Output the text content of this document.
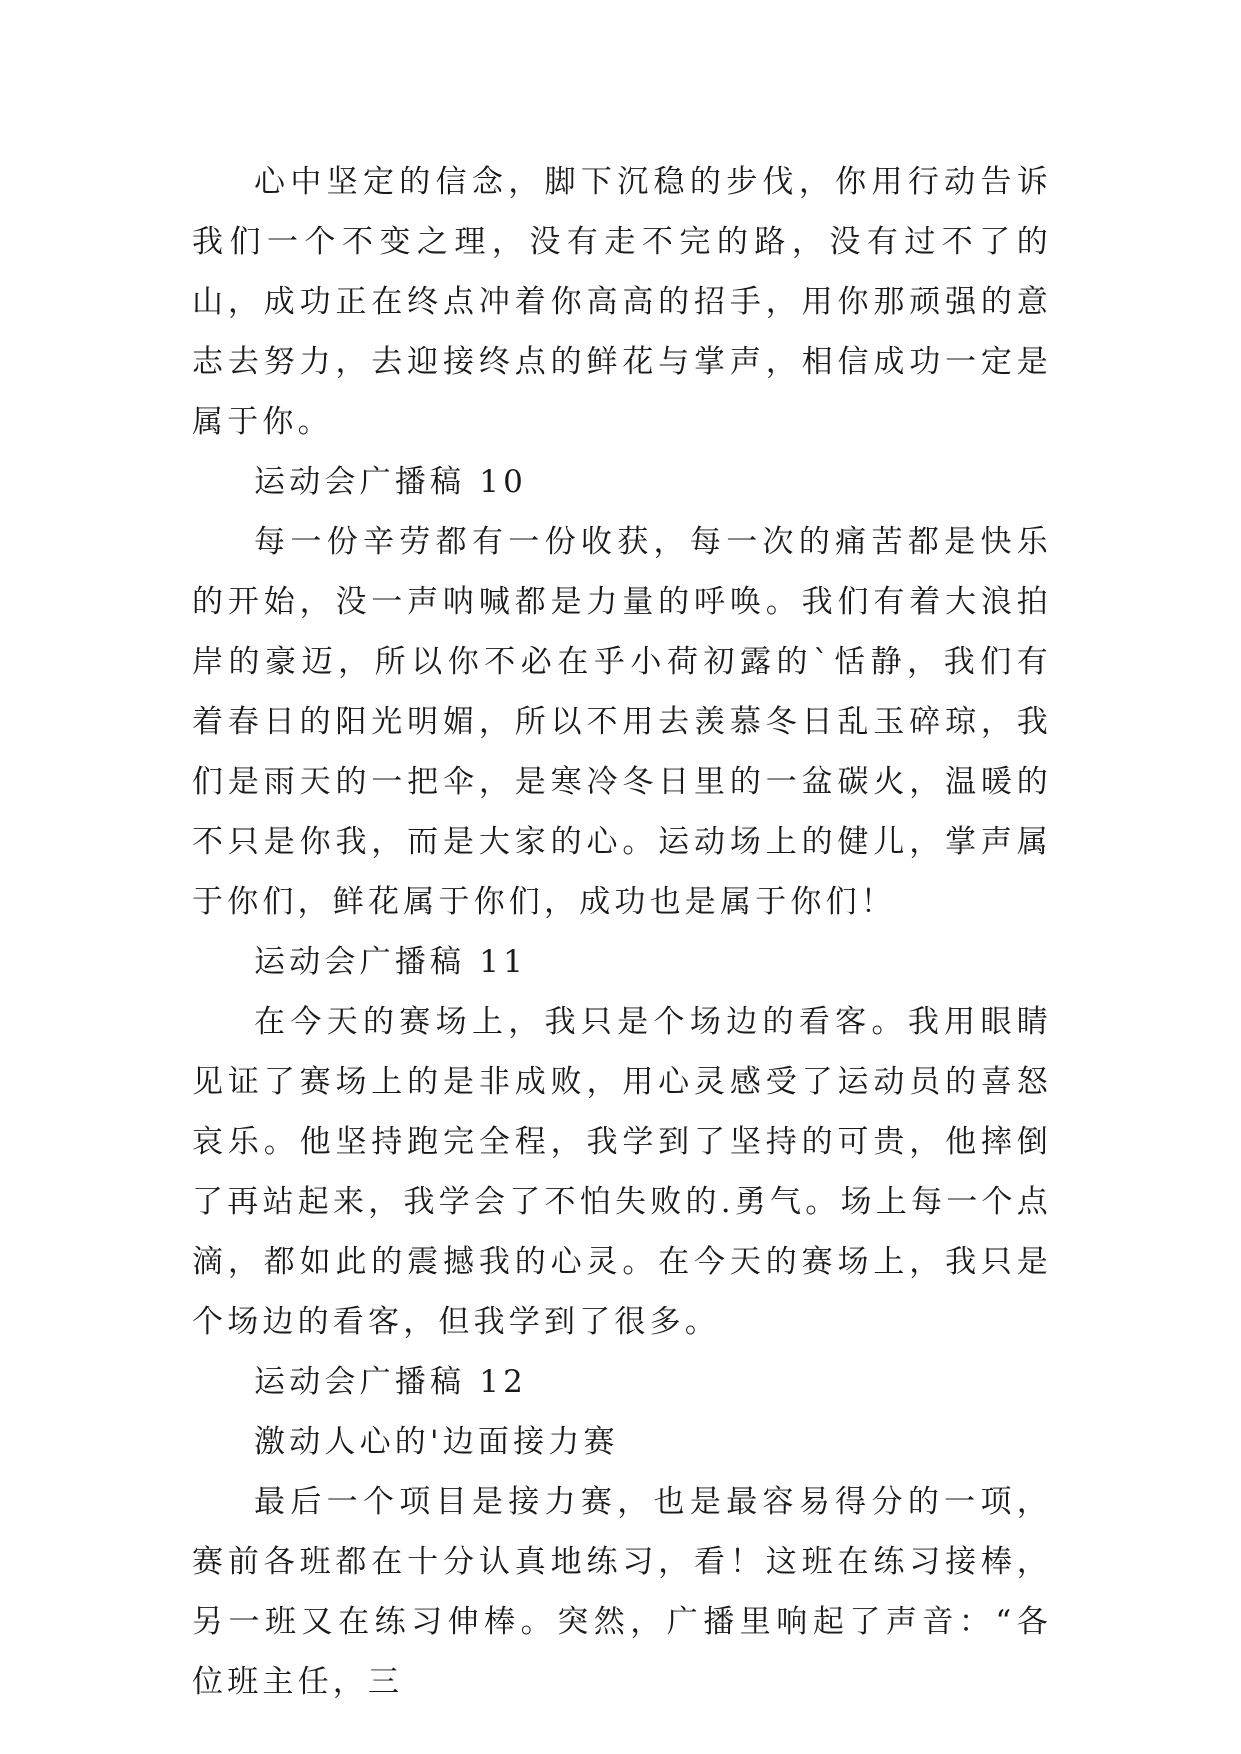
心中坚定的信念，脚下沉稳的步伐，你用行动告诉我们一个不变之理，没有走不完的路，没有过不了的山，成功正在终点冲着你高高的招手，用你那顽强的意志去努力，去迎接终点的鲜花与掌声，相信成功一定是属于你。

运动会广播稿 10

每一份辛劳都有一份收获，每一次的痛苦都是快乐的开始，没一声呐喊都是力量的呼唤。我们有着大浪拍岸的豪迈，所以你不必在乎小荷初露的`恬静，我们有着春日的阳光明媚，所以不用去羡慕冬日乱玉碎琼，我们是雨天的一把伞，是寒冷冬日里的一盆碳火，温暖的不只是你我，而是大家的心。运动场上的健儿，掌声属于你们，鲜花属于你们，成功也是属于你们！

运动会广播稿 11

在今天的赛场上，我只是个场边的看客。我用眼睛见证了赛场上的是非成败，用心灵感受了运动员的喜怒哀乐。他坚持跑完全程，我学到了坚持的可贵，他摔倒了再站起来，我学会了不怕失败的.勇气。场上每一个点滴，都如此的震撼我的心灵。在今天的赛场上，我只是个场边的看客，但我学到了很多。

运动会广播稿 12

激动人心的'边面接力赛

最后一个项目是接力赛，也是最容易得分的一项，赛前各班都在十分认真地练习，看！这班在练习接棒，另一班又在练习伸棒。突然，广播里响起了声音：“各位班主任，三
